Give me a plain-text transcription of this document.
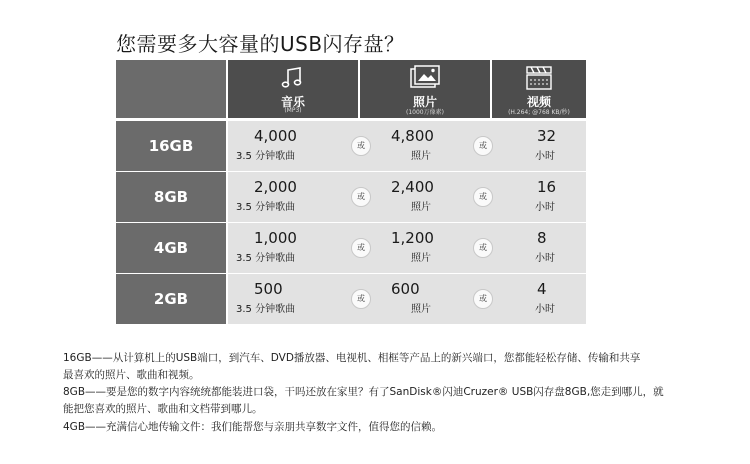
您需要多大容量的USB闪存盘？
音乐
(MP3)
照片
(1000万像素)
视频
(H.264; @768 KB/秒)
16GB
4,000
3.5 分钟歌曲
或
4,800
照片
或
32
小时
8GB
2,000
3.5 分钟歌曲
或
2,400
照片
或
16
小时
4GB
1,000
3.5 分钟歌曲
或
1,200
照片
或
8
小时
2GB
500
3.5 分钟歌曲
或
600
照片
或
4
小时
16GB——从计算机上的USB端口，到汽车、DVD播放器、电视机、相框等产品上的新兴端口，您都能轻松存储、传输和共享
最喜欢的照片、歌曲和视频。
8GB——要是您的数字内容统统都能装进口袋，干吗还放在家里？有了SanDisk®闪迪Cruzer® USB闪存盘8GB,您走到哪儿，就
能把您喜欢的照片、歌曲和文档带到哪儿。
4GB——充满信心地传输文件：我们能帮您与亲朋共享数字文件，值得您的信赖。
